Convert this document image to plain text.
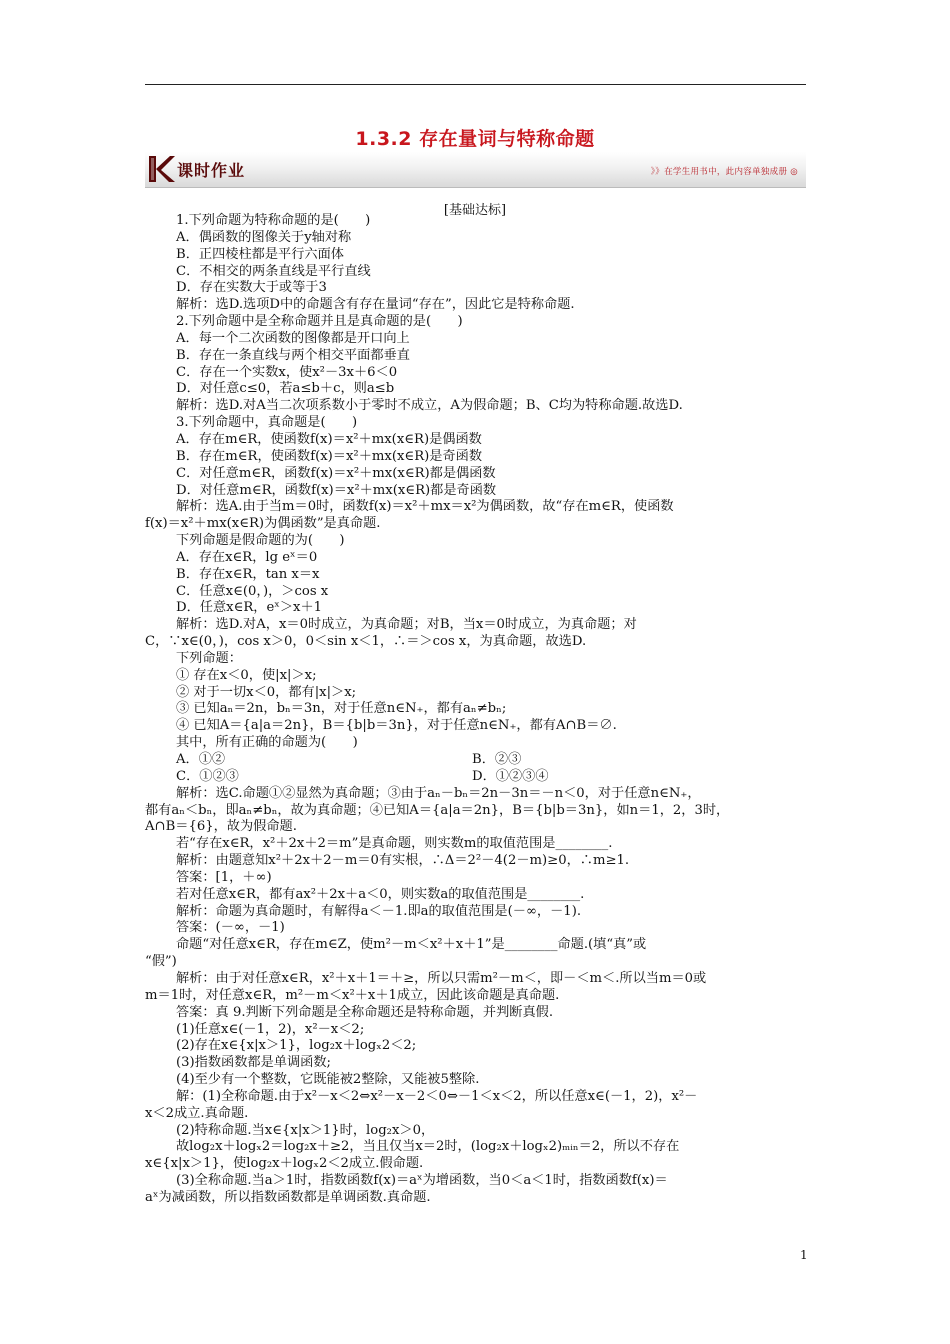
1.3.2 存在量词与特称命题
课时作业	》》在学生用书中，此内容单独成册 ◎
[基础达标]
1.下列命题为特称命题的是(　　)
A．偶函数的图像关于y轴对称
B．正四棱柱都是平行六面体
C．不相交的两条直线是平行直线
D．存在实数大于或等于3
解析：选D.选项D中的命题含有存在量词“存在”，因此它是特称命题.
2.下列命题中是全称命题并且是真命题的是(　　)
A．每一个二次函数的图像都是开口向上
B．存在一条直线与两个相交平面都垂直
C．存在一个实数x，使x²－3x＋6＜0
D．对任意c≤0，若a≤b＋c，则a≤b
解析：选D.对A当二次项系数小于零时不成立，A为假命题；B、C均为特称命题.故选D.
3.下列命题中，真命题是(　　)
A．存在m∈R，使函数f(x)＝x²＋mx(x∈R)是偶函数
B．存在m∈R，使函数f(x)＝x²＋mx(x∈R)是奇函数
C．对任意m∈R，函数f(x)＝x²＋mx(x∈R)都是偶函数
D．对任意m∈R，函数f(x)＝x²＋mx(x∈R)都是奇函数
解析：选A.由于当m＝0时，函数f(x)＝x²＋mx＝x²为偶函数，故“存在m∈R，使函数
f(x)＝x²＋mx(x∈R)为偶函数”是真命题.
下列命题是假命题的为(　　)
A．存在x∈R，lg eˣ＝0
B．存在x∈R，tan x＝x
C．任意x∈(0，)，＞cos x
D．任意x∈R，eˣ＞x＋1
解析：选D.对A，x＝0时成立，为真命题；对B，当x＝0时成立，为真命题；对
C，∵x∈(0，)，cos x＞0，0＜sin x＜1，∴＝＞cos x，为真命题，故选D.
下列命题：
① 存在x＜0，使|x|＞x;
② 对于一切x＜0，都有|x|＞x;
③ 已知aₙ＝2n，bₙ＝3n，对于任意n∈N₊，都有aₙ≠bₙ;
④ 已知A＝{a|a＝2n}，B＝{b|b＝3n}，对于任意n∈N₊，都有A∩B＝∅.
其中，所有正确的命题为(　　)
A．①②	B．②③
C．①②③	D．①②③④
解析：选C.命题①②显然为真命题；③由于aₙ－bₙ＝2n－3n＝－n＜0，对于任意n∈N₊，
都有aₙ＜bₙ，即aₙ≠bₙ，故为真命题；④已知A＝{a|a＝2n}，B＝{b|b＝3n}，如n＝1，2，3时，
A∩B＝{6}，故为假命题.
若“存在x∈R，x²＋2x＋2＝m”是真命题，则实数m的取值范围是________.
解析：由题意知x²＋2x＋2－m＝0有实根，∴Δ＝2²－4(2－m)≥0，∴m≥1.
答案：[1，＋∞)
若对任意x∈R，都有ax²＋2x＋a＜0，则实数a的取值范围是________.
解析：命题为真命题时，有解得a＜－1.即a的取值范围是(－∞，－1).
答案：(－∞，－1)
命题“对任意x∈R，存在m∈Z，使m²－m＜x²＋x＋1”是________命题.(填“真”或
“假”)
解析：由于对任意x∈R，x²＋x＋1＝＋≥，所以只需m²－m＜，即－＜m＜.所以当m＝0或
m＝1时，对任意x∈R，m²－m＜x²＋x＋1成立，因此该命题是真命题.
答案：真 9.判断下列命题是全称命题还是特称命题，并判断真假.
(1)任意x∈(－1，2)，x²－x＜2;
(2)存在x∈{x|x＞1}，log₂x＋logₓ2＜2;
(3)指数函数都是单调函数;
(4)至少有一个整数，它既能被2整除，又能被5整除.
解：(1)全称命题.由于x²－x＜2⇔x²－x－2＜0⇔－1＜x＜2，所以任意x∈(－1，2)，x²－
x＜2成立.真命题.
(2)特称命题.当x∈{x|x＞1}时，log₂x＞0，
故log₂x＋logₓ2＝log₂x＋≥2，当且仅当x＝2时，(log₂x＋logₓ2)ₘᵢₙ＝2，所以不存在
x∈{x|x＞1}，使log₂x＋logₓ2＜2成立.假命题.
(3)全称命题.当a＞1时，指数函数f(x)＝aˣ为增函数，当0＜a＜1时，指数函数f(x)＝
aˣ为减函数，所以指数函数都是单调函数.真命题.
1
